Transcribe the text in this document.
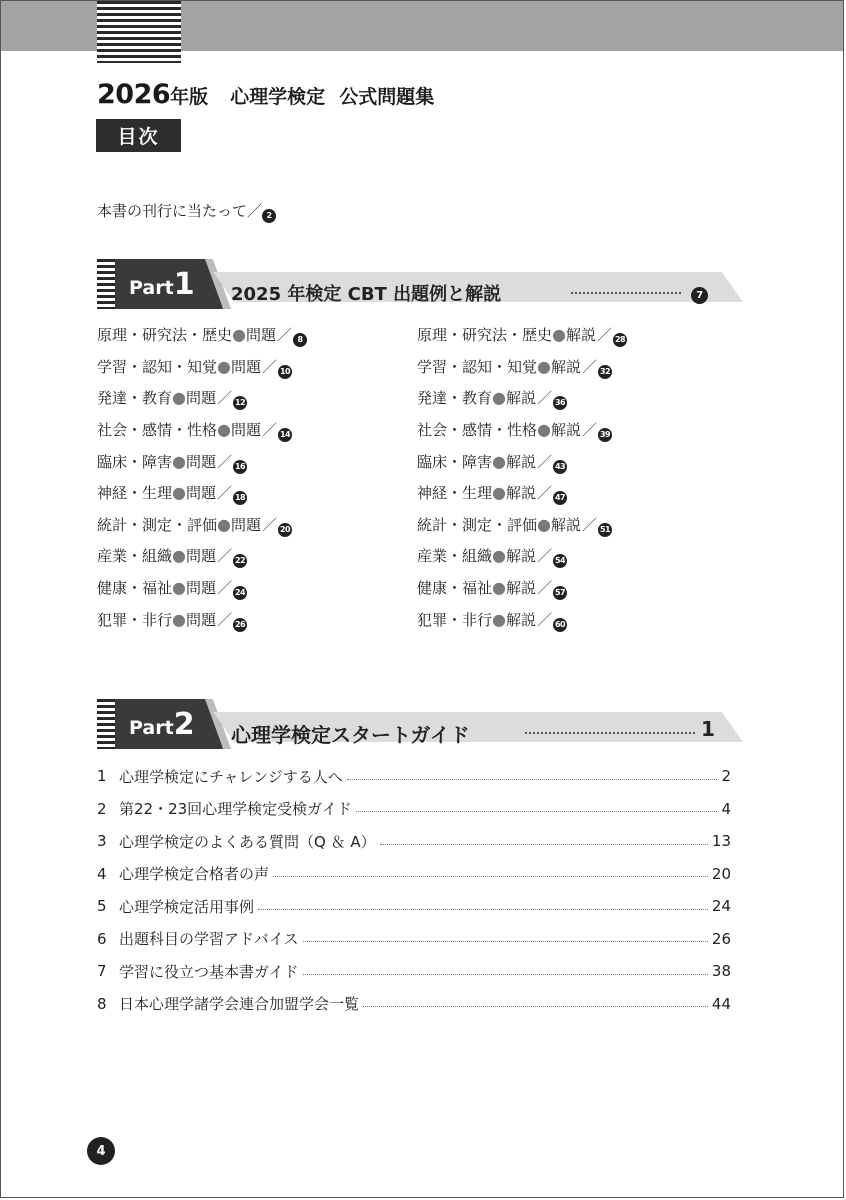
2026年版 心理学検定 公式問題集
目次
本書の刊行に当たって／ 2
Part1 2025 年検定 CBT 出題例と解説	7
原理・研究法・歴史●問題／ 8	原理・研究法・歴史●解説／ 28
学習・認知・知覚●問題／ 10	学習・認知・知覚●解説／ 32
発達・教育●問題／ 12	発達・教育●解説／ 36
社会・感情・性格●問題／ 14	社会・感情・性格●解説／ 39
臨床・障害●問題／ 16	臨床・障害●解説／ 43
神経・生理●問題／ 18	神経・生理●解説／ 47
統計・測定・評価●問題／ 20	統計・測定・評価●解説／ 51
産業・組織●問題／ 22	産業・組織●解説／ 54
健康・福祉●問題／ 24	健康・福祉●解説／ 57
犯罪・非行●問題／ 26	犯罪・非行●解説／ 60
Part2 心理学検定スタートガイド	1
1 心理学検定にチャレンジする人へ	2
2 第22・23回心理学検定受検ガイド	4
3 心理学検定のよくある質問（Q ＆ A）	13
4 心理学検定合格者の声	20
5 心理学検定活用事例	24
6 出題科目の学習アドバイス	26
7 学習に役立つ基本書ガイド	38
8 日本心理学諸学会連合加盟学会一覧	44
4
